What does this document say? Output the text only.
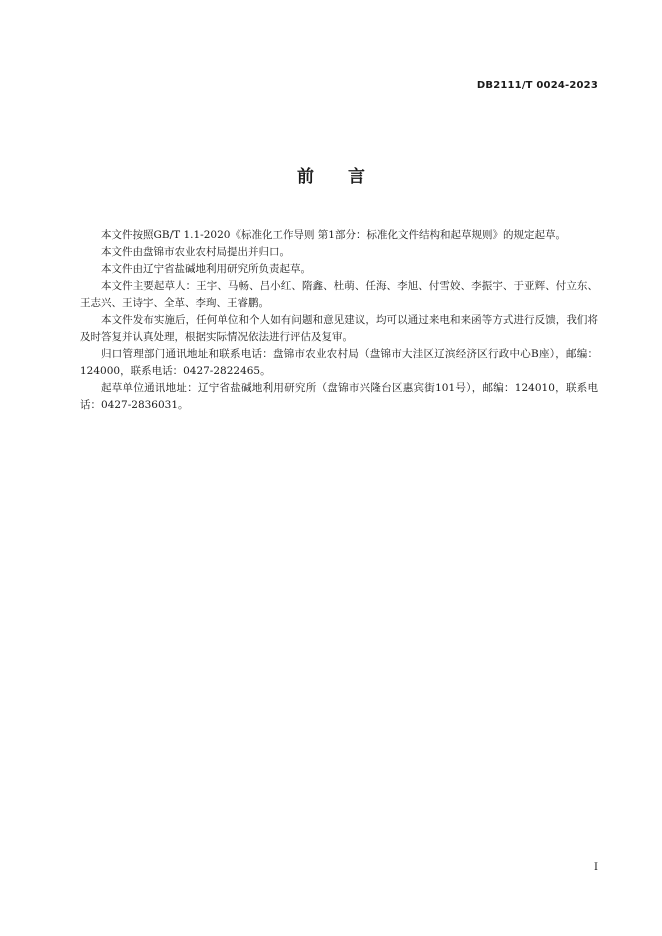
DB2111/T 0024-2023
前言

本文件按照GB/T 1.1-2020《标准化工作导则 第1部分：标准化文件结构和起草规则》的规定起草。

本文件由盘锦市农业农村局提出并归口。

本文件由辽宁省盐碱地利用研究所负责起草。

本文件主要起草人：王宇、马畅、吕小红、隋鑫、杜萌、任海、李旭、付雪姣、李振宇、于亚辉、付立东、王志兴、王诗宇、全革、李珣、王睿鹏。

本文件发布实施后，任何单位和个人如有问题和意见建议，均可以通过来电和来函等方式进行反馈，我们将及时答复并认真处理，根据实际情况依法进行评估及复审。

归口管理部门通讯地址和联系电话：盘锦市农业农村局（盘锦市大洼区辽滨经济区行政中心B座），邮编：124000，联系电话：0427-2822465。

起草单位通讯地址：辽宁省盐碱地利用研究所（盘锦市兴隆台区惠宾街101号），邮编：124010，联系电话：0427-2836031。

I
